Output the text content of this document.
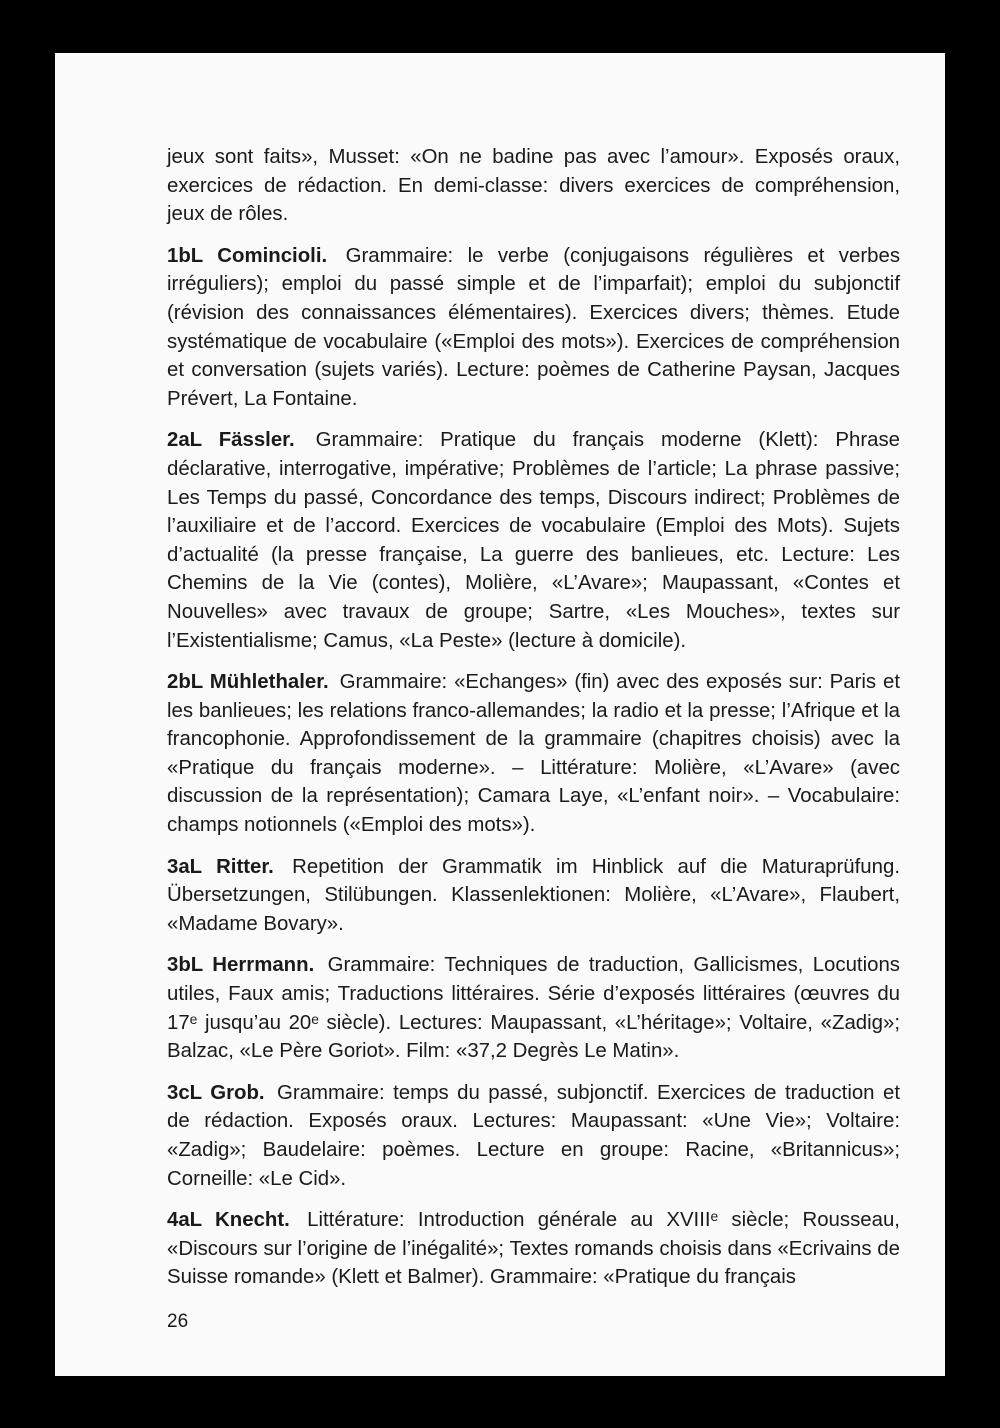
jeux sont faits», Musset: «On ne badine pas avec l’amour». Exposés oraux, exercices de rédaction. En demi-classe: divers exercices de compréhension, jeux de rôles.

1bL Comincioli. Grammaire: le verbe (conjugaisons régulières et verbes irréguliers); emploi du passé simple et de l’imparfait); emploi du subjonctif (révision des connaissances élémentaires). Exercices divers; thèmes. Etude systématique de vocabulaire («Emploi des mots»). Exercices de compréhension et conversation (sujets variés). Lecture: poèmes de Catherine Paysan, Jacques Prévert, La Fontaine.

2aL Fässler. Grammaire: Pratique du français moderne (Klett): Phrase déclarative, interrogative, impérative; Problèmes de l’article; La phrase passive; Les Temps du passé, Concordance des temps, Discours indirect; Problèmes de l’auxiliaire et de l’accord. Exercices de vocabulaire (Emploi des Mots). Sujets d’actualité (la presse française, La guerre des banlieues, etc. Lecture: Les Chemins de la Vie (contes), Molière, «L’Avare»; Maupassant, «Contes et Nouvelles» avec travaux de groupe; Sartre, «Les Mouches», textes sur l’Existentialisme; Camus, «La Peste» (lecture à domicile).

2bL Mühlethaler. Grammaire: «Echanges» (fin) avec des exposés sur: Paris et les banlieues; les relations franco-allemandes; la radio et la presse; l’Afrique et la francophonie. Approfondissement de la grammaire (chapitres choisis) avec la «Pratique du français moderne». – Littérature: Molière, «L’Avare» (avec discussion de la représentation); Camara Laye, «L’enfant noir». – Vocabulaire: champs notionnels («Emploi des mots»).

3aL Ritter. Repetition der Grammatik im Hinblick auf die Maturaprüfung. Übersetzungen, Stilübungen. Klassenlektionen: Molière, «L’Avare», Flaubert, «Madame Bovary».

3bL Herrmann. Grammaire: Techniques de traduction, Gallicismes, Locutions utiles, Faux amis; Traductions littéraires. Série d’exposés littéraires (œuvres du 17ᵉ jusqu’au 20ᵉ siècle). Lectures: Maupassant, «L’héritage»; Voltaire, «Zadig»; Balzac, «Le Père Goriot». Film: «37,2 Degrès Le Matin».

3cL Grob. Grammaire: temps du passé, subjonctif. Exercices de traduction et de rédaction. Exposés oraux. Lectures: Maupassant: «Une Vie»; Voltaire: «Zadig»; Baudelaire: poèmes. Lecture en groupe: Racine, «Britannicus»; Corneille: «Le Cid».

4aL Knecht. Littérature: Introduction générale au XVIIIᵉ siècle; Rousseau, «Discours sur l’origine de l’inégalité»; Textes romands choisis dans «Ecrivains de Suisse romande» (Klett et Balmer). Grammaire: «Pratique du français

26
